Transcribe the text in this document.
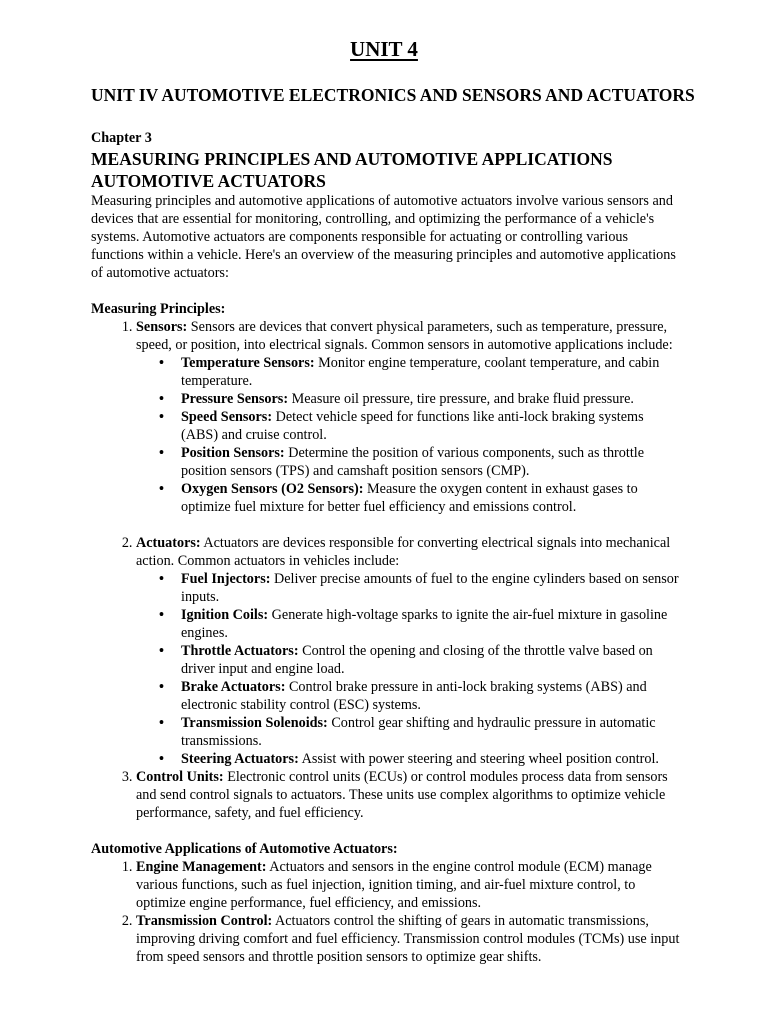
UNIT 4
UNIT IV AUTOMOTIVE ELECTRONICS AND SENSORS AND ACTUATORS
Chapter 3
MEASURING PRINCIPLES AND AUTOMOTIVE APPLICATIONS
AUTOMOTIVE ACTUATORS
Measuring principles and automotive applications of automotive actuators involve various sensors and devices that are essential for monitoring, controlling, and optimizing the performance of a vehicle's systems. Automotive actuators are components responsible for actuating or controlling various functions within a vehicle. Here's an overview of the measuring principles and automotive applications of automotive actuators:
Measuring Principles:
1. Sensors: Sensors are devices that convert physical parameters, such as temperature, pressure, speed, or position, into electrical signals. Common sensors in automotive applications include:
• Temperature Sensors: Monitor engine temperature, coolant temperature, and cabin temperature.
• Pressure Sensors: Measure oil pressure, tire pressure, and brake fluid pressure.
• Speed Sensors: Detect vehicle speed for functions like anti-lock braking systems (ABS) and cruise control.
• Position Sensors: Determine the position of various components, such as throttle position sensors (TPS) and camshaft position sensors (CMP).
• Oxygen Sensors (O2 Sensors): Measure the oxygen content in exhaust gases to optimize fuel mixture for better fuel efficiency and emissions control.
2. Actuators: Actuators are devices responsible for converting electrical signals into mechanical action. Common actuators in vehicles include:
• Fuel Injectors: Deliver precise amounts of fuel to the engine cylinders based on sensor inputs.
• Ignition Coils: Generate high-voltage sparks to ignite the air-fuel mixture in gasoline engines.
• Throttle Actuators: Control the opening and closing of the throttle valve based on driver input and engine load.
• Brake Actuators: Control brake pressure in anti-lock braking systems (ABS) and electronic stability control (ESC) systems.
• Transmission Solenoids: Control gear shifting and hydraulic pressure in automatic transmissions.
• Steering Actuators: Assist with power steering and steering wheel position control.
3. Control Units: Electronic control units (ECUs) or control modules process data from sensors and send control signals to actuators. These units use complex algorithms to optimize vehicle performance, safety, and fuel efficiency.
Automotive Applications of Automotive Actuators:
1. Engine Management: Actuators and sensors in the engine control module (ECM) manage various functions, such as fuel injection, ignition timing, and air-fuel mixture control, to optimize engine performance, fuel efficiency, and emissions.
2. Transmission Control: Actuators control the shifting of gears in automatic transmissions, improving driving comfort and fuel efficiency. Transmission control modules (TCMs) use input from speed sensors and throttle position sensors to optimize gear shifts.
